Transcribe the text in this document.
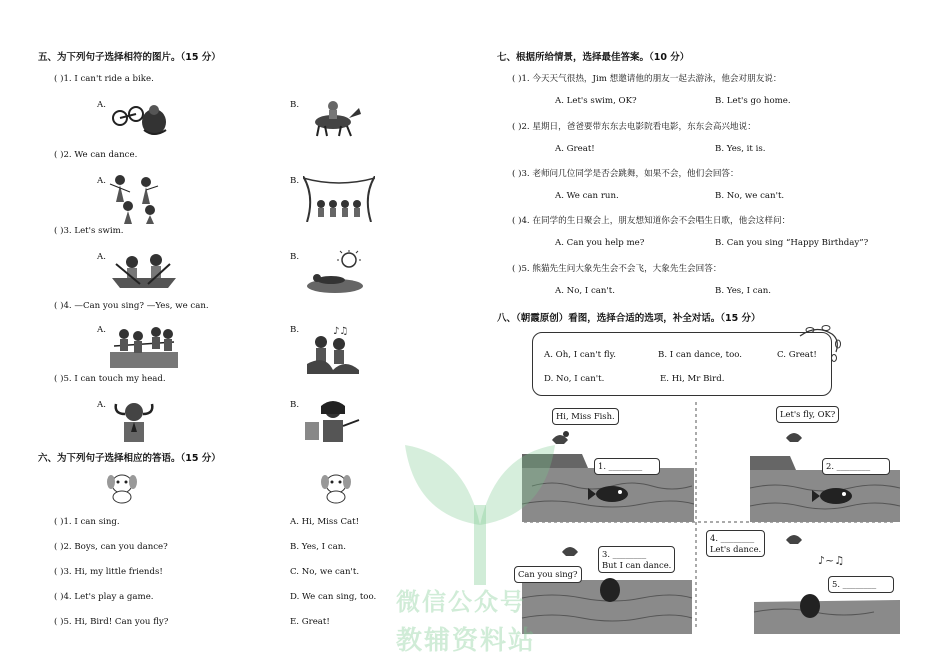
五、为下列句子选择相符的图片。（15 分）
( )1. I can't ride a bike.
A.	B.
( )2. We can dance.
A.	B.
( )3. Let's swim.
A.	B.
( )4. —Can you sing? —Yes, we can.
A.	B.	♪♫
( )5. I can touch my head.
A.	B.
六、为下列句子选择相应的答语。（15 分）
( )1. I can sing.	A. Hi, Miss Cat!
( )2. Boys, can you dance?	B. Yes, I can.
( )3. Hi, my little friends!	C. No, we can't.
( )4. Let's play a game.	D. We can sing, too.
( )5. Hi, Bird! Can you fly?	E. Great!
七、根据所给情景，选择最佳答案。（10 分）
( )1. 今天天气很热，Jim 想邀请他的朋友一起去游泳，他会对朋友说：
A. Let's swim, OK?	B. Let's go home.
( )2. 星期日，爸爸要带东东去电影院看电影，东东会高兴地说：
A. Great!	B. Yes, it is.
( )3. 老师问几位同学是否会跳舞，如果不会，他们会回答：
A. We can run.	B. No, we can't.
( )4. 在同学的生日聚会上，朋友想知道你会不会唱生日歌，他会这样问：
A. Can you help me?	B. Can you sing “Happy Birthday”?
( )5. 熊猫先生问大象先生会不会飞，大象先生会回答：
A. No, I can't.	B. Yes, I can.
八、（朝霞原创）看图，选择合适的选项，补全对话。（15 分）
A. Oh, I can't fly.	B. I can dance, too.	C. Great!
D. No, I can't.	E. Hi, Mr Bird.
Hi, Miss Fish.
1. ________
Let's fly, OK?
2. ________
Can you sing?
3. ________
But I can dance.	♪~♫
4. ________
Let's dance.
5. ________
微信公众号
教辅资料站
